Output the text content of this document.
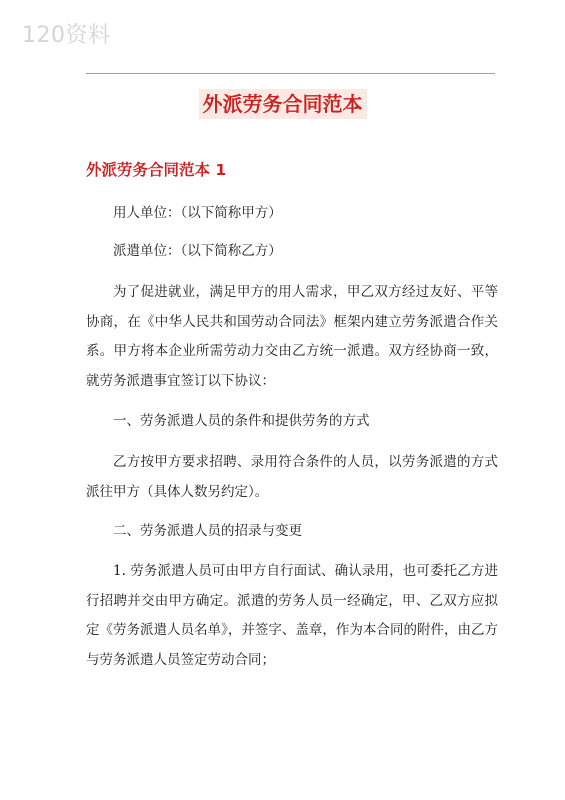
120资料
外派劳务合同范本
外派劳务合同范本 1

用人单位：（以下简称甲方）

派遣单位：（以下简称乙方）

为了促进就业，满足甲方的用人需求，甲乙双方经过友好、平等协商，在《中华人民共和国劳动合同法》框架内建立劳务派遣合作关系。甲方将本企业所需劳动力交由乙方统一派遣。双方经协商一致，就劳务派遣事宜签订以下协议：

一、劳务派遣人员的条件和提供劳务的方式

乙方按甲方要求招聘、录用符合条件的人员，以劳务派遣的方式派往甲方（具体人数另约定）。

二、劳务派遣人员的招录与变更

1. 劳务派遣人员可由甲方自行面试、确认录用，也可委托乙方进行招聘并交由甲方确定。派遣的劳务人员一经确定，甲、乙双方应拟定《劳务派遣人员名单》，并签字、盖章，作为本合同的附件，由乙方与劳务派遣人员签定劳动合同；
